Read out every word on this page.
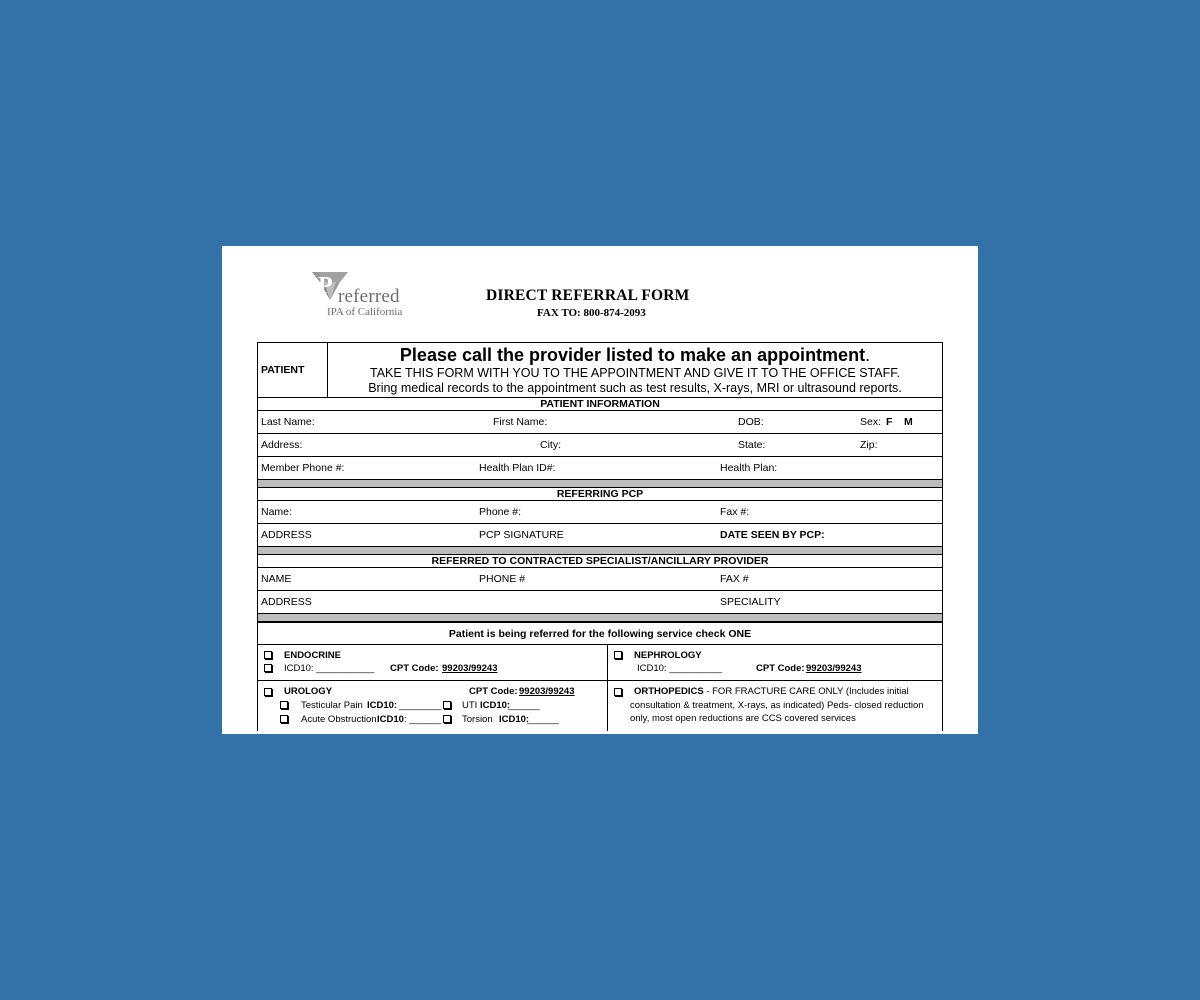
P referred
IPA of California
DIRECT REFERRAL FORM
FAX TO: 800-874-2093
PATIENT
Please call the provider listed to make an appointment.
TAKE THIS FORM WITH YOU TO THE APPOINTMENT AND GIVE IT TO THE OFFICE STAFF.
Bring medical records to the appointment such as test results, X-rays, MRI or ultrasound reports.
PATIENT INFORMATION
Last Name:	First Name:	DOB:	Sex: F M
Address:	City:	State:	Zip:
Member Phone #:	Health Plan ID#:	Health Plan:
REFERRING PCP
Name:	Phone #:	Fax #:
ADDRESS	PCP SIGNATURE	DATE SEEN BY PCP:
REFERRED TO CONTRACTED SPECIALIST/ANCILLARY PROVIDER
NAME	PHONE #	FAX #
ADDRESS	SPECIALITY
Patient is being referred for the following service check ONE
ENDOCRINE
ICD10: ___________ CPT Code: 99203/99243
NEPHROLOGY
ICD10: __________	CPT Code: 99203/99243
UROLOGY	CPT Code: 99203/99243
Testicular Pain ICD10: ________ UTI ICD10:
______
Acute Obstruction ICD10 : ______ Torsion ICD10:
______
ORTHOPEDICS - FOR FRACTURE CARE ONLY (Includes initial
consultation & treatment, X-rays, as indicated) Peds- closed reduction
only, most open reductions are CCS covered services
